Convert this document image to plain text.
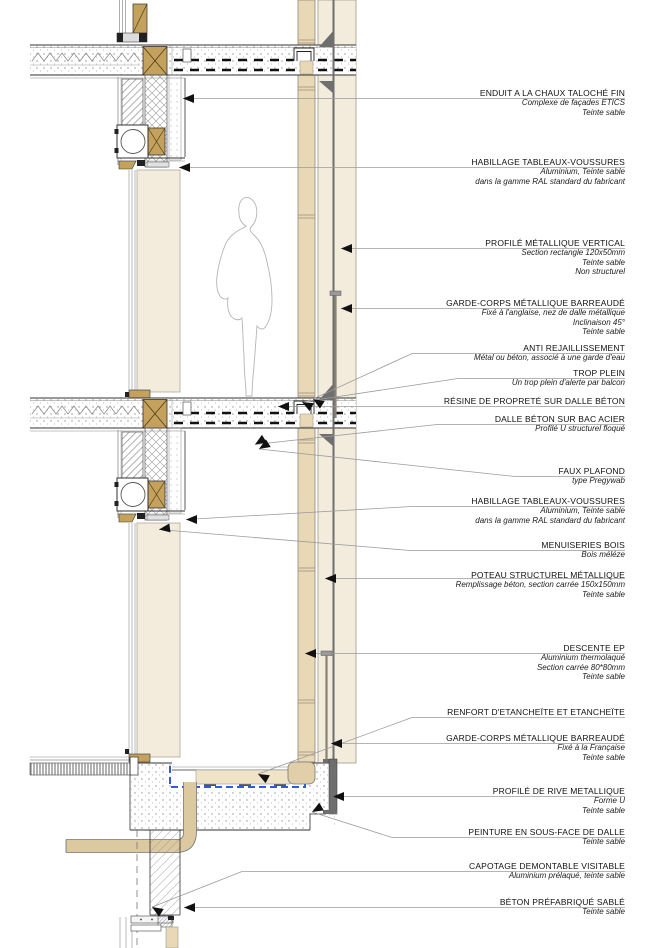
ENDUIT A LA CHAUX TALOCHÉ FIN
Complexe de façades ETICS
Teinte sable
HABILLAGE TABLEAUX-VOUSSURES
Aluminium, Teinte sable
dans la gamme RAL standard du fabricant
PROFILÉ MÉTALLIQUE VERTICAL
Section rectangle 120x50mm
Teinte sable
Non structurel
GARDE-CORPS MÉTALLIQUE BARREAUDÉ
Fixé à l'anglaise, nez de dalle métallique
Inclinaison 45°
Teinte sable
ANTI REJAILLISSEMENT
Métal ou béton, associé à une garde d'eau
TROP PLEIN
Un trop plein d'alerte par balcon
RÉSINE DE PROPRETÉ SUR DALLE BÉTON
DALLE BÉTON SUR BAC ACIER
Profilé U structurel floqué
FAUX PLAFOND
type Pregywab
HABILLAGE TABLEAUX-VOUSSURES
Aluminium, Teinte sable
dans la gamme RAL standard du fabricant
MENUISERIES BOIS
Bois méléze
POTEAU STRUCTUREL MÉTALLIQUE
Remplissage béton, section carrée 150x150mm
Teinte sable
DESCENTE EP
Aluminium thermolaqué
Section carrée 80*80mm
Teinte sable
RENFORT D'ETANCHEÏTE ET ETANCHEÏTE
GARDE-CORPS MÉTALLIQUE BARREAUDÉ
Fixé à la Française
Teinte sable
PROFILÉ DE RIVE METALLIQUE
Forme U
Teinte sable
PEINTURE EN SOUS-FACE DE DALLE
Teinte sable
CAPOTAGE DEMONTABLE VISITABLE
Aluminium prélaqué, teinte sable
BÉTON PRÉFABRIQUÉ SABLÉ
Teinte sable
